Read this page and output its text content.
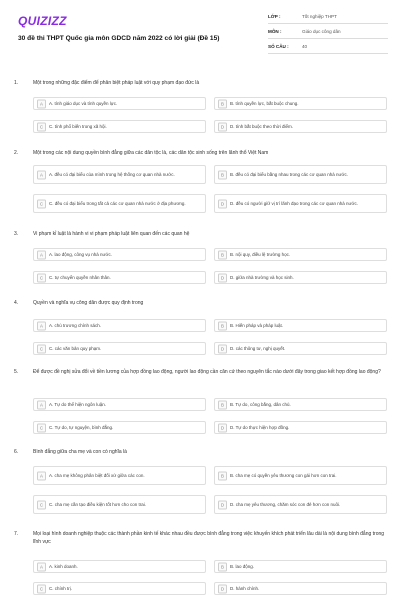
QUIZIZZ
30 đề thi THPT Quốc gia môn GDCD năm 2022 có lời giải (Đề 15)
LỚP :	Tốt nghiệp THPT
MÔN :	Giáo dục công dân
SỐ CÂU :	40
1.	Một trong những đặc điểm để phân biệt pháp luật với quy phạm đạo đức là
A	A. tính giáo dục và tính quyền lực.	B	B. tính quyền lực, bắt buộc chung.
C	C. tính phổ biến trong xã hội.	D	D. tính bắt buộc theo thời điểm.
2.	Một trong các nội dung quyền bình đẳng giữa các dân tộc là, các dân tộc sinh sống trên lãnh thổ Việt Nam
A	A. đều có đại biểu của mình trong hệ thống cơ quan nhà nước.	B	B. đều có đại biểu bằng nhau trong các cơ quan nhà nước.
C	C. đều có đại biểu trong tất cả các cơ quan nhà nước ở địa phương.	D	D. đều có người giữ vị trí lãnh đạo trong các cơ quan nhà nước.
3.	Vi phạm kỉ luật là hành vi vi phạm pháp luật liên quan đến các quan hệ
A	A. lao động, công vụ nhà nước.	B	B. nội quy, điều lệ trường học.
C	C. tự chuyển quyền nhân thân.	D	D. giữa nhà trường và học sinh.
4.	Quyền và nghĩa vụ công dân được quy định trong
A	A. chủ trương chính sách.	B	B. Hiến pháp và pháp luật.
C	C. các văn bản quy phạm.	D	D. các thông tư, nghị quyết.
5.	Để được đề nghị sửa đổi về tiền lương của hợp đồng lao động, người lao động cần căn cứ theo nguyên tắc nào dưới đây trong giao kết hợp đồng lao động?
A	A. Tự do thể hiện ngôn luận.	B	B. Tự do, công bằng, dân chủ.
C	C. Tự do, tự nguyện, bình đẳng.	D	D. Tự do thực hiện hợp đồng.
6.	Bình đẳng giữa cha mẹ và con có nghĩa là
A	A. cha mẹ không phân biệt đối xử giữa các con.	B	B. cha mẹ có quyền yêu thương con gái hơn con trai.
C	C. cha mẹ cần tạo điều kiện tốt hơn cho con trai.	D	D. cha mẹ yêu thương, chăm sóc con đẻ hơn con nuôi.
7.	Mọi loại hình doanh nghiệp thuộc các thành phần kinh tế khác nhau đều được bình đẳng trong việc khuyến khích phát triển lâu dài là nội dung bình đẳng trong lĩnh vực
A	A. kinh doanh.	B	B. lao động.
C	C. chính trị.	D	D. hành chính.
